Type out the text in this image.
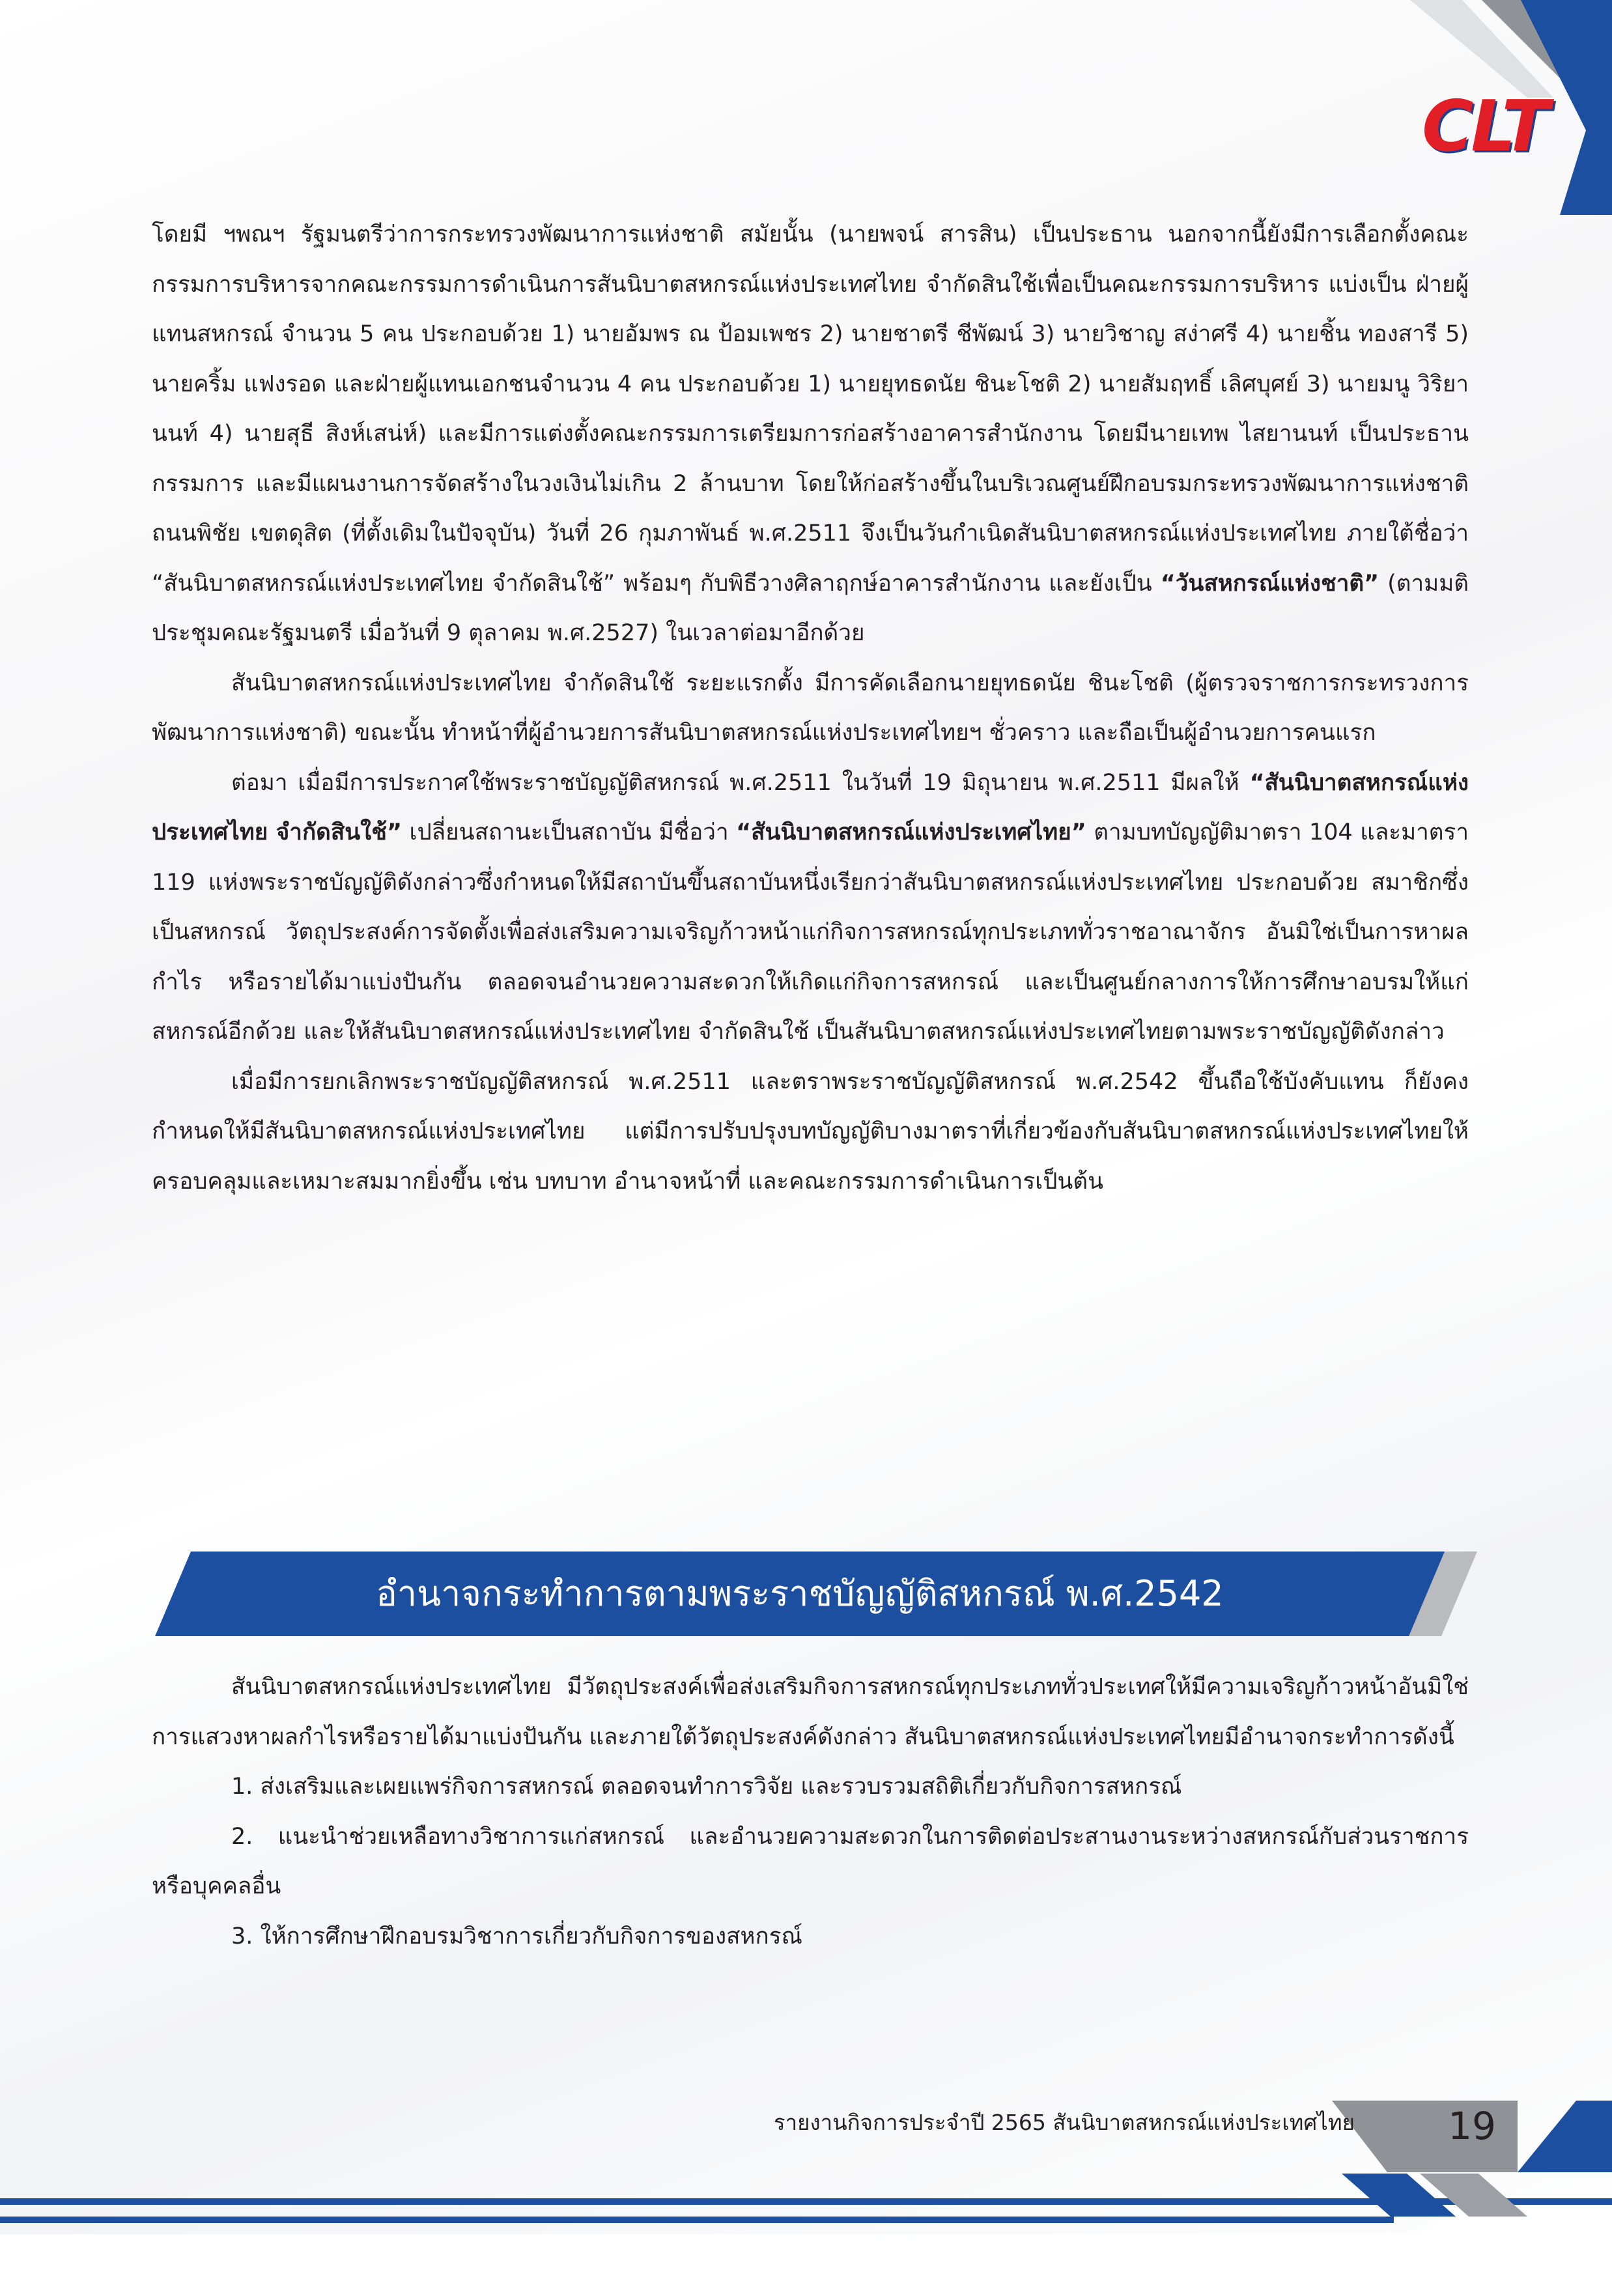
CLT

โดยมี ฯพณฯ รัฐมนตรีว่าการกระทรวงพัฒนาการแห่งชาติ สมัยนั้น (นายพจน์ สารสิน) เป็นประธาน นอกจากนี้ยังมีการเลือกตั้งคณะกรรมการบริหารจากคณะกรรมการดำเนินการสันนิบาตสหกรณ์แห่งประเทศไทย จำกัดสินใช้เพื่อเป็นคณะกรรมการบริหาร แบ่งเป็น ฝ่ายผู้แทนสหกรณ์ จำนวน 5 คน ประกอบด้วย 1) นายอัมพร ณ ป้อมเพชร 2) นายชาตรี ชีพัฒน์ 3) นายวิชาญ สง่าศรี 4) นายชิ้น ทองสารี 5) นายคริ้ม แฟงรอด และฝ่ายผู้แทนเอกชนจำนวน 4 คน ประกอบด้วย 1) นายยุทธดนัย ชินะโชติ 2) นายสัมฤทธิ์ เลิศบุศย์ 3) นายมนู วิริยานนท์ 4) นายสุธี สิงห์เสน่ห์) และมีการแต่งตั้งคณะกรรมการเตรียมการก่อสร้างอาคารสำนักงาน โดยมีนายเทพ ไสยานนท์ เป็นประธานกรรมการ และมีแผนงานการจัดสร้างในวงเงินไม่เกิน 2 ล้านบาท โดยให้ก่อสร้างขึ้นในบริเวณศูนย์ฝึกอบรมกระทรวงพัฒนาการแห่งชาติ ถนนพิชัย เขตดุสิต (ที่ตั้งเดิมในปัจจุบัน) วันที่ 26 กุมภาพันธ์ พ.ศ.2511 จึงเป็นวันกำเนิดสันนิบาตสหกรณ์แห่งประเทศไทย ภายใต้ชื่อว่า “สันนิบาตสหกรณ์แห่งประเทศไทย จำกัดสินใช้” พร้อมๆ กับพิธีวางศิลาฤกษ์อาคารสำนักงาน และยังเป็น “วันสหกรณ์แห่งชาติ” (ตามมติประชุมคณะรัฐมนตรี เมื่อวันที่ 9 ตุลาคม พ.ศ.2527) ในเวลาต่อมาอีกด้วย

สันนิบาตสหกรณ์แห่งประเทศไทย จำกัดสินใช้ ระยะแรกตั้ง มีการคัดเลือกนายยุทธดนัย ชินะโชติ (ผู้ตรวจราชการกระทรวงการพัฒนาการแห่งชาติ) ขณะนั้น ทำหน้าที่ผู้อำนวยการสันนิบาตสหกรณ์แห่งประเทศไทยฯ ชั่วคราว และถือเป็นผู้อำนวยการคนแรก

ต่อมา เมื่อมีการประกาศใช้พระราชบัญญัติสหกรณ์ พ.ศ.2511 ในวันที่ 19 มิถุนายน พ.ศ.2511 มีผลให้ “สันนิบาตสหกรณ์แห่งประเทศไทย จำกัดสินใช้” เปลี่ยนสถานะเป็นสถาบัน มีชื่อว่า “สันนิบาตสหกรณ์แห่งประเทศไทย” ตามบทบัญญัติมาตรา 104 และมาตรา 119 แห่งพระราชบัญญัติดังกล่าวซึ่งกำหนดให้มีสถาบันขึ้นสถาบันหนึ่งเรียกว่าสันนิบาตสหกรณ์แห่งประเทศไทย ประกอบด้วย สมาชิกซึ่งเป็นสหกรณ์ วัตถุประสงค์การจัดตั้งเพื่อส่งเสริมความเจริญก้าวหน้าแก่กิจการสหกรณ์ทุกประเภททั่วราชอาณาจักร อันมิใช่เป็นการหาผลกำไร หรือรายได้มาแบ่งปันกัน ตลอดจนอำนวยความสะดวกให้เกิดแก่กิจการสหกรณ์ และเป็นศูนย์กลางการให้การศึกษาอบรมให้แก่สหกรณ์อีกด้วย และให้สันนิบาตสหกรณ์แห่งประเทศไทย จำกัดสินใช้ เป็นสันนิบาตสหกรณ์แห่งประเทศไทยตามพระราชบัญญัติดังกล่าว

เมื่อมีการยกเลิกพระราชบัญญัติสหกรณ์ พ.ศ.2511 และตราพระราชบัญญัติสหกรณ์ พ.ศ.2542 ขึ้นถือใช้บังคับแทน ก็ยังคงกำหนดให้มีสันนิบาตสหกรณ์แห่งประเทศไทย แต่มีการปรับปรุงบทบัญญัติบางมาตราที่เกี่ยวข้องกับสันนิบาตสหกรณ์แห่งประเทศไทยให้ครอบคลุมและเหมาะสมมากยิ่งขึ้น เช่น บทบาท อำนาจหน้าที่ และคณะกรรมการดำเนินการเป็นต้น

อำนาจกระทำการตามพระราชบัญญัติสหกรณ์ พ.ศ.2542

สันนิบาตสหกรณ์แห่งประเทศไทย มีวัตถุประสงค์เพื่อส่งเสริมกิจการสหกรณ์ทุกประเภททั่วประเทศให้มีความเจริญก้าวหน้าอันมิใช่การแสวงหาผลกำไรหรือรายได้มาแบ่งปันกัน และภายใต้วัตถุประสงค์ดังกล่าว สันนิบาตสหกรณ์แห่งประเทศไทยมีอำนาจกระทำการดังนี้

1. ส่งเสริมและเผยแพร่กิจการสหกรณ์ ตลอดจนทำการวิจัย และรวบรวมสถิติเกี่ยวกับกิจการสหกรณ์

2. แนะนำช่วยเหลือทางวิชาการแก่สหกรณ์ และอำนวยความสะดวกในการติดต่อประสานงานระหว่างสหกรณ์กับส่วนราชการหรือบุคคลอื่น

3. ให้การศึกษาฝึกอบรมวิชาการเกี่ยวกับกิจการของสหกรณ์

รายงานกิจการประจำปี 2565 สันนิบาตสหกรณ์แห่งประเทศไทย 19
